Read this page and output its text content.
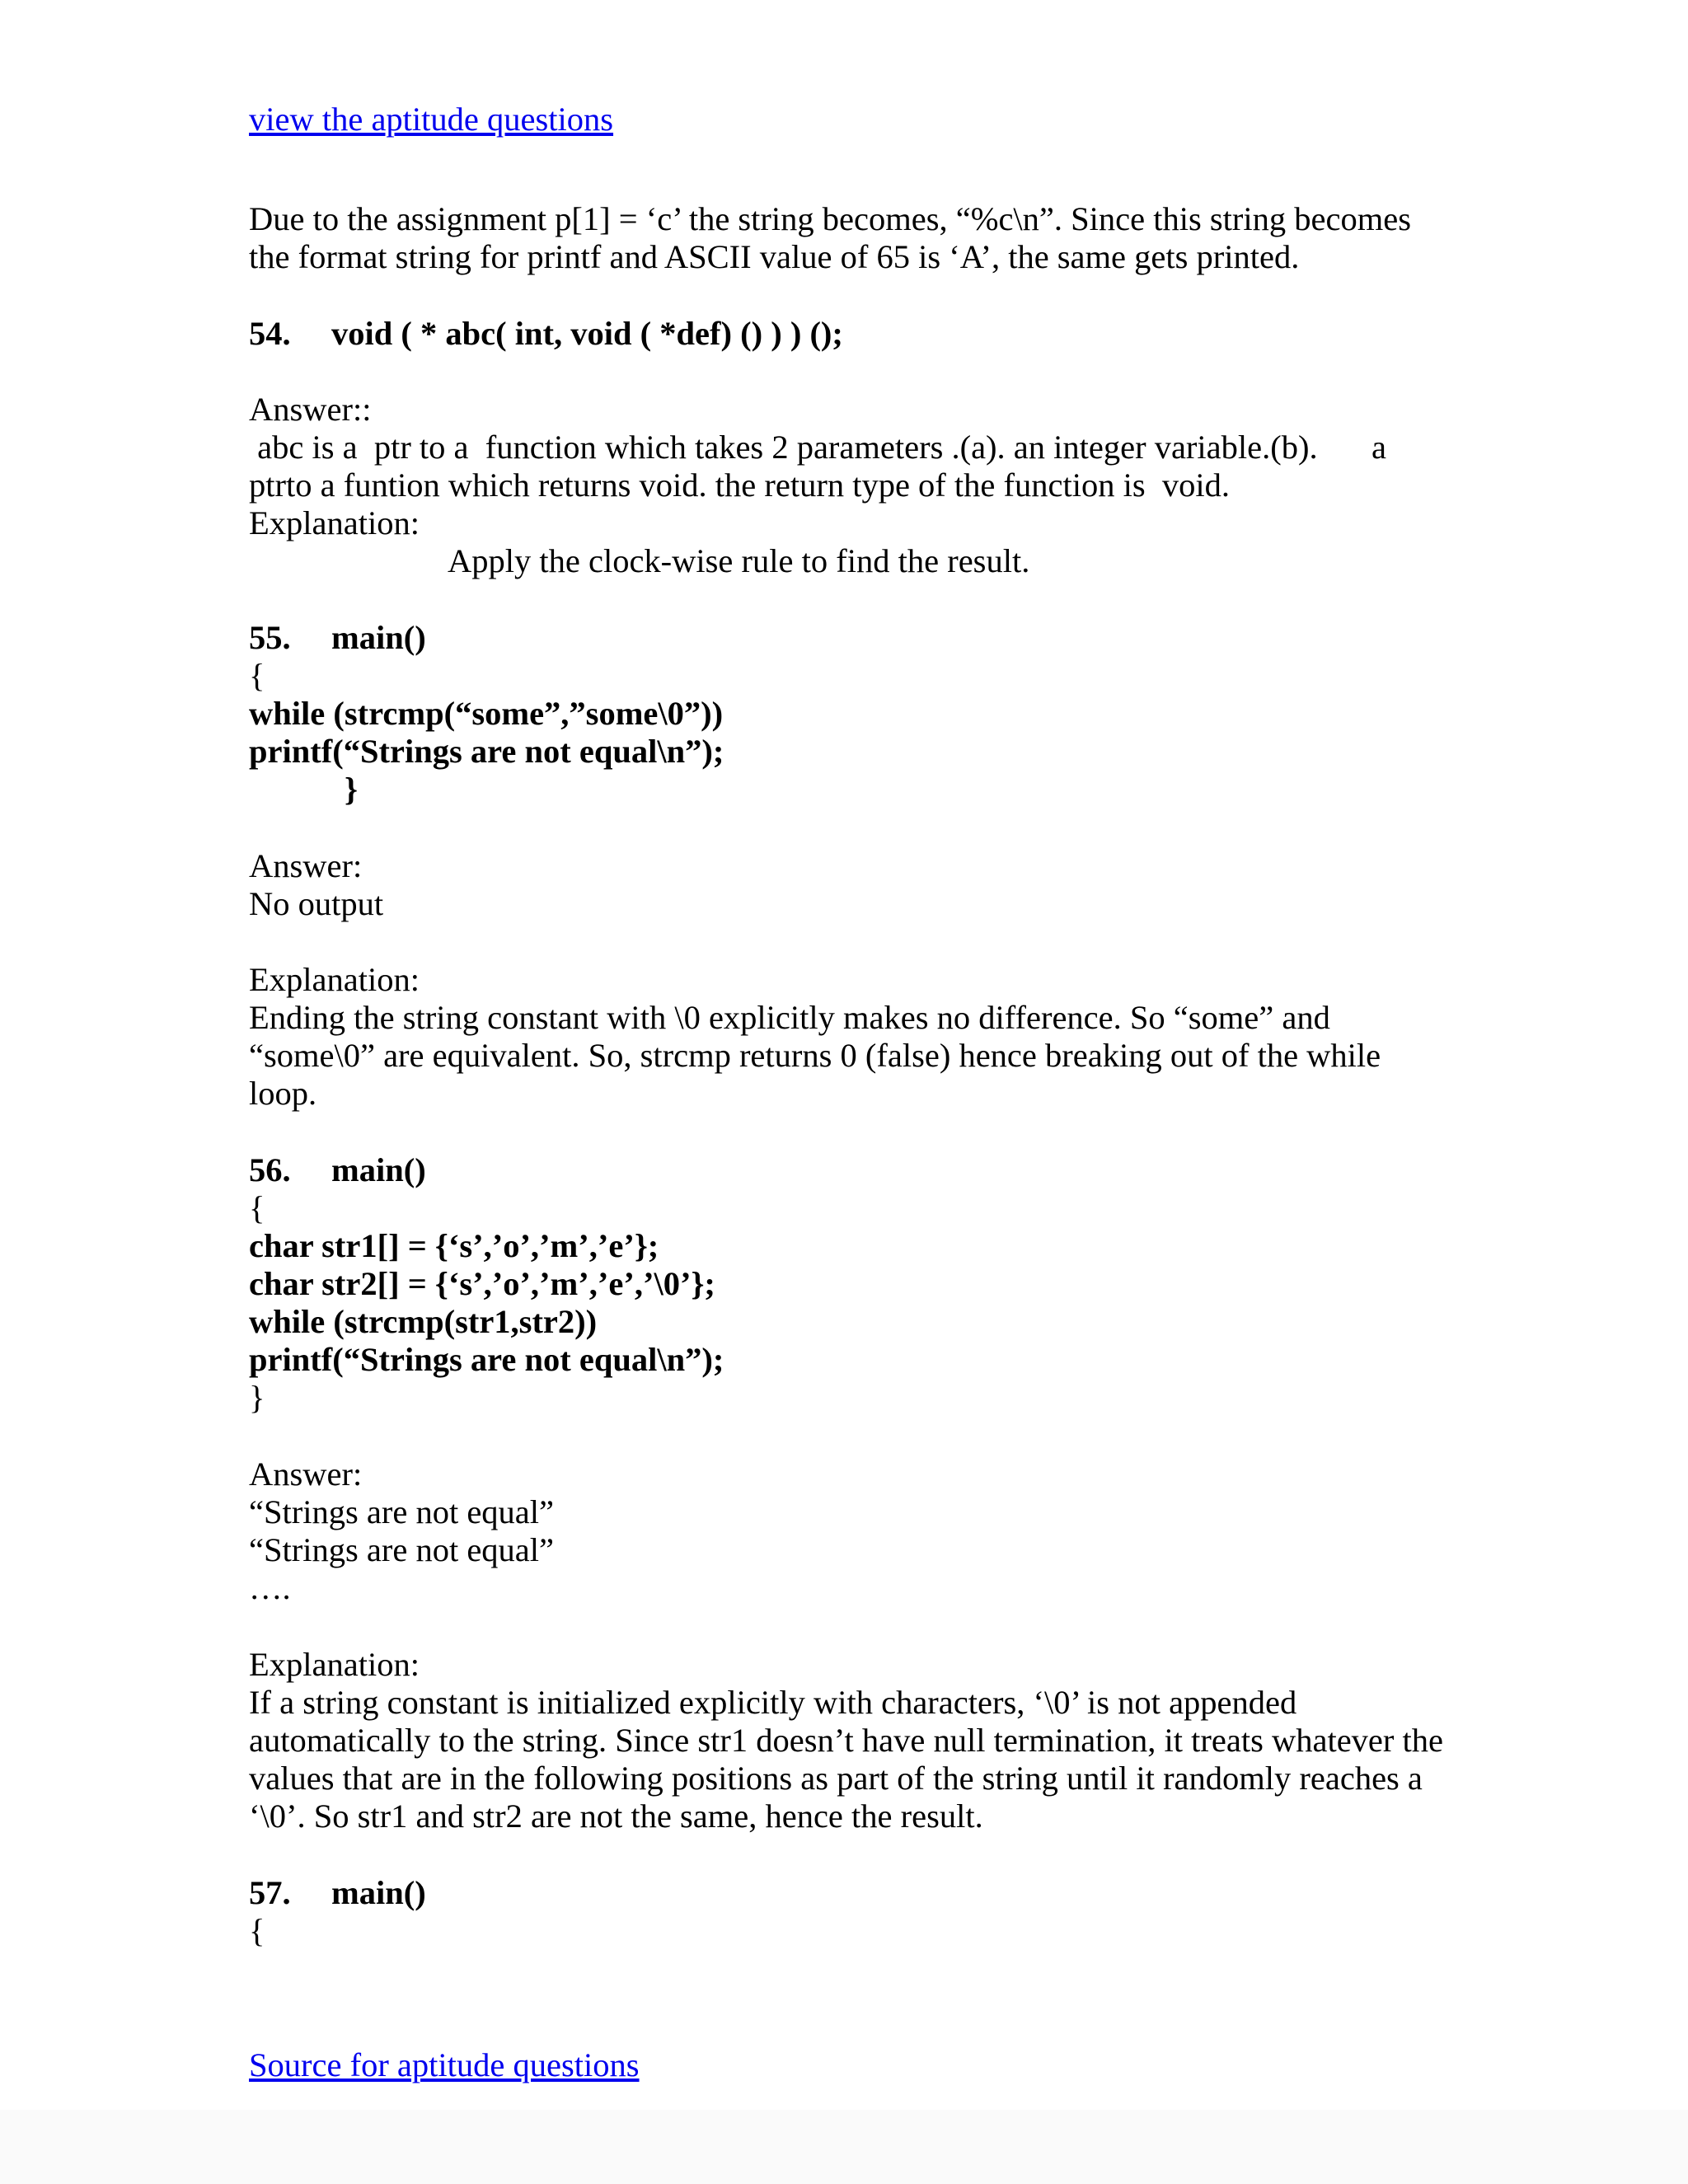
view the aptitude questions

Due to the assignment p[1] = ‘c’ the string becomes, “%c\n”. Since this string becomes

the format string for printf and ASCII value of 65 is ‘A’, the same gets printed.

54. void ( * abc( int, void ( *def) () ) ) ();

Answer::

abc is a  ptr to a  function which takes 2 parameters .(a). an integer variable.(b). a

ptrto a funtion which returns void. the return type of the function is  void.

Explanation:

Apply the clock-wise rule to find the result.

55. main()

{

while (strcmp(“some”,”some\0”))

printf(“Strings are not equal\n”);

}

Answer:

No output

Explanation:

Ending the string constant with \0 explicitly makes no difference. So “some” and

“some\0” are equivalent. So, strcmp returns 0 (false) hence breaking out of the while

loop.

56. main()

{

char str1[] = {‘s’,’o’,’m’,’e’};

char str2[] = {‘s’,’o’,’m’,’e’,’\0’};

while (strcmp(str1,str2))

printf(“Strings are not equal\n”);

}

Answer:

“Strings are not equal”

“Strings are not equal”

….

Explanation:

If a string constant is initialized explicitly with characters, ‘\0’ is not appended

automatically to the string. Since str1 doesn’t have null termination, it treats whatever the

values that are in the following positions as part of the string until it randomly reaches a

‘\0’. So str1 and str2 are not the same, hence the result.

57. main()

{

Source for aptitude questions
